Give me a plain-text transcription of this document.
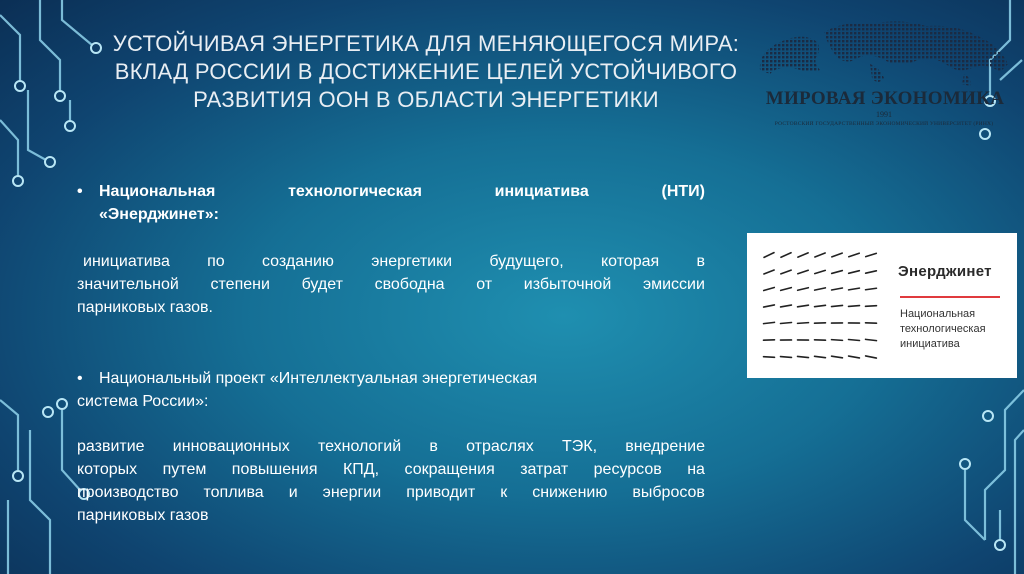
УСТОЙЧИВАЯ ЭНЕРГЕТИКА ДЛЯ МЕНЯЮЩЕГОСЯ МИРА:
ВКЛАД РОССИИ В ДОСТИЖЕНИЕ ЦЕЛЕЙ УСТОЙЧИВОГО
РАЗВИТИЯ ООН В ОБЛАСТИ ЭНЕРГЕТИКИ	МИРОВАЯ ЭКОНОМИКА
1991
РОСТОВСКИЙ ГОСУДАРСТВЕННЫЙ ЭКОНОМИЧЕСКИЙ УНИВЕРСИТЕТ (РИНХ)
• Национальная	технологическая	инициатива	(НТИ)
«Энерджинет»:
инициатива по созданию энергетики будущего, которая в
значительной степени будет свободна от избыточной эмиссии
парниковых газов.
• Национальный проект «Интеллектуальная энергетическая
системa России»:
развитие инновационных технологий в отраслях ТЭК, внедрение
которых путем повышения КПД, сокращения затрат ресурсов на
производство топлива и энергии приводит к снижению выбросов
парниковых газов
Энерджинет
Национальная
технологическая
инициатива
